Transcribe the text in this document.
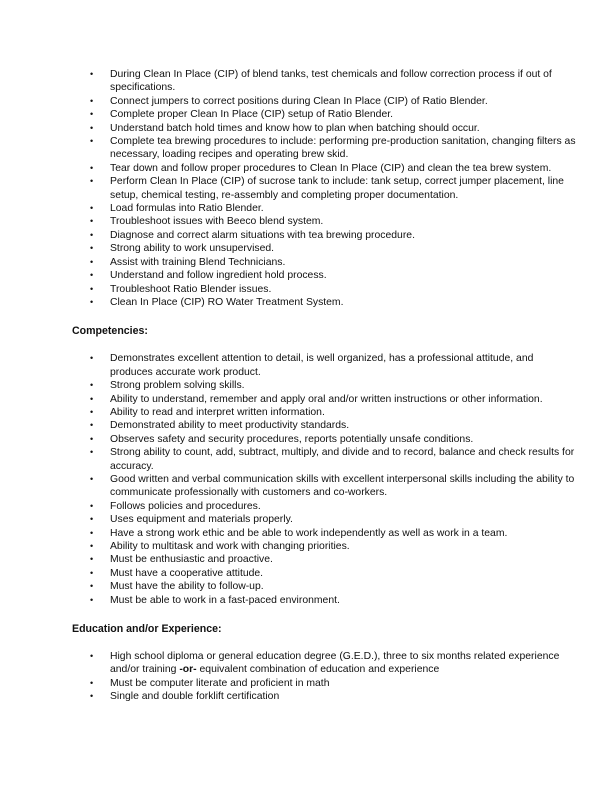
• During Clean In Place (CIP) of blend tanks, test chemicals and follow correction process if out of specifications.
• Connect jumpers to correct positions during Clean In Place (CIP) of Ratio Blender.
• Complete proper Clean In Place (CIP) setup of Ratio Blender.
• Understand batch hold times and know how to plan when batching should occur.
• Complete tea brewing procedures to include: performing pre-production sanitation, changing filters as necessary, loading recipes and operating brew skid.
• Tear down and follow proper procedures to Clean In Place (CIP) and clean the tea brew system.
• Perform Clean In Place (CIP) of sucrose tank to include: tank setup, correct jumper placement, line setup, chemical testing, re-assembly and completing proper documentation.
• Load formulas into Ratio Blender.
• Troubleshoot issues with Beeco blend system.
• Diagnose and correct alarm situations with tea brewing procedure.
• Strong ability to work unsupervised.
• Assist with training Blend Technicians.
• Understand and follow ingredient hold process.
• Troubleshoot Ratio Blender issues.
• Clean In Place (CIP) RO Water Treatment System.
Competencies:
• Demonstrates excellent attention to detail, is well organized, has a professional attitude, and produces accurate work product.
• Strong problem solving skills.
• Ability to understand, remember and apply oral and/or written instructions or other information.
• Ability to read and interpret written information.
• Demonstrated ability to meet productivity standards.
• Observes safety and security procedures, reports potentially unsafe conditions.
• Strong ability to count, add, subtract, multiply, and divide and to record, balance and check results for accuracy.
• Good written and verbal communication skills with excellent interpersonal skills including the ability to communicate professionally with customers and co-workers.
• Follows policies and procedures.
• Uses equipment and materials properly.
• Have a strong work ethic and be able to work independently as well as work in a team.
• Ability to multitask and work with changing priorities.
• Must be enthusiastic and proactive.
• Must have a cooperative attitude.
• Must have the ability to follow-up.
• Must be able to work in a fast-paced environment.
Education and/or Experience:
• High school diploma or general education degree (G.E.D.), three to six months related experience and/or training -or- equivalent combination of education and experience
• Must be computer literate and proficient in math
• Single and double forklift certification
